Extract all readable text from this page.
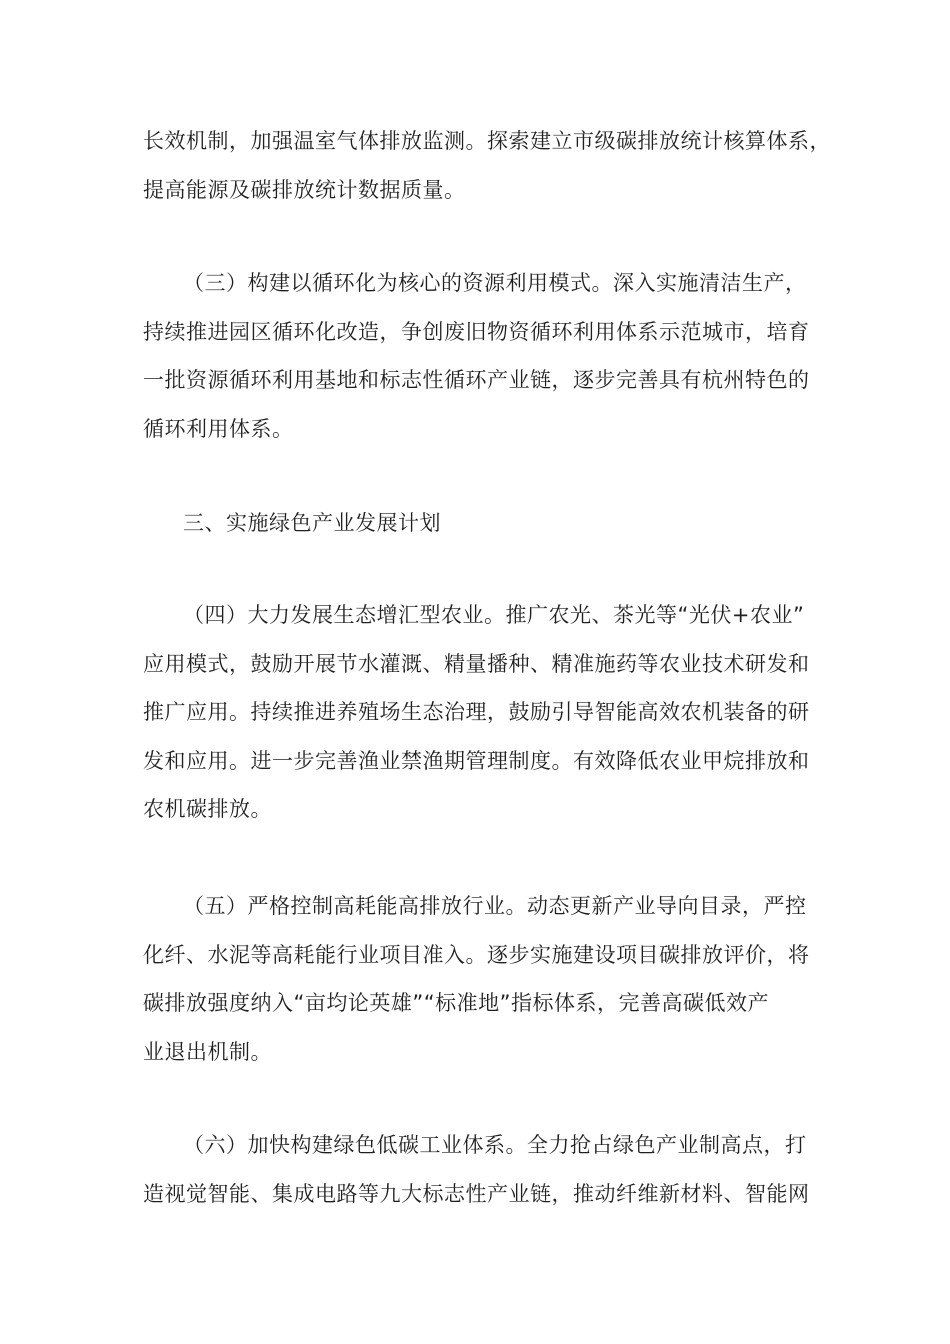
长效机制，加强温室气体排放监测。探索建立市级碳排放统计核算体系，
提高能源及碳排放统计数据质量。
（三）构建以循环化为核心的资源利用模式。深入实施清洁生产，
持续推进园区循环化改造，争创废旧物资循环利用体系示范城市，培育
一批资源循环利用基地和标志性循环产业链，逐步完善具有杭州特色的
循环利用体系。
三、实施绿色产业发展计划
（四）大力发展生态增汇型农业。推广农光、茶光等“光伏+农业”
应用模式，鼓励开展节水灌溉、精量播种、精准施药等农业技术研发和
推广应用。持续推进养殖场生态治理，鼓励引导智能高效农机装备的研
发和应用。进一步完善渔业禁渔期管理制度。有效降低农业甲烷排放和
农机碳排放。
（五）严格控制高耗能高排放行业。动态更新产业导向目录，严控
化纤、水泥等高耗能行业项目准入。逐步实施建设项目碳排放评价，将
碳排放强度纳入“亩均论英雄”“标准地”指标体系，完善高碳低效产
业退出机制。
（六）加快构建绿色低碳工业体系。全力抢占绿色产业制高点，打
造视觉智能、集成电路等九大标志性产业链，推动纤维新材料、智能网
